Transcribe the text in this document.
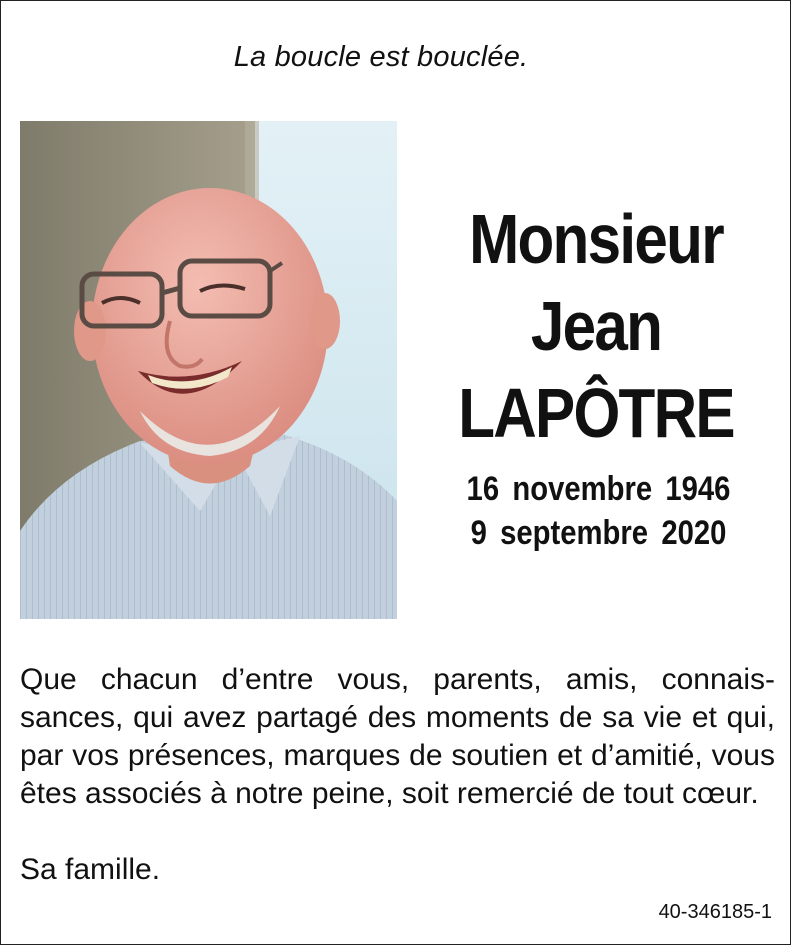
La boucle est bouclée.
Monsieur
Jean
LAPÔTRE
16 novembre 1946
9 septembre 2020
Que chacun d’entre vous, parents, amis, connais-sances, qui avez partagé des moments de sa vie et qui, par vos présences, marques de soutien et d’amitié, vous êtes associés à notre peine, soit remercié de tout cœur.
Sa famille.
40-346185-1
